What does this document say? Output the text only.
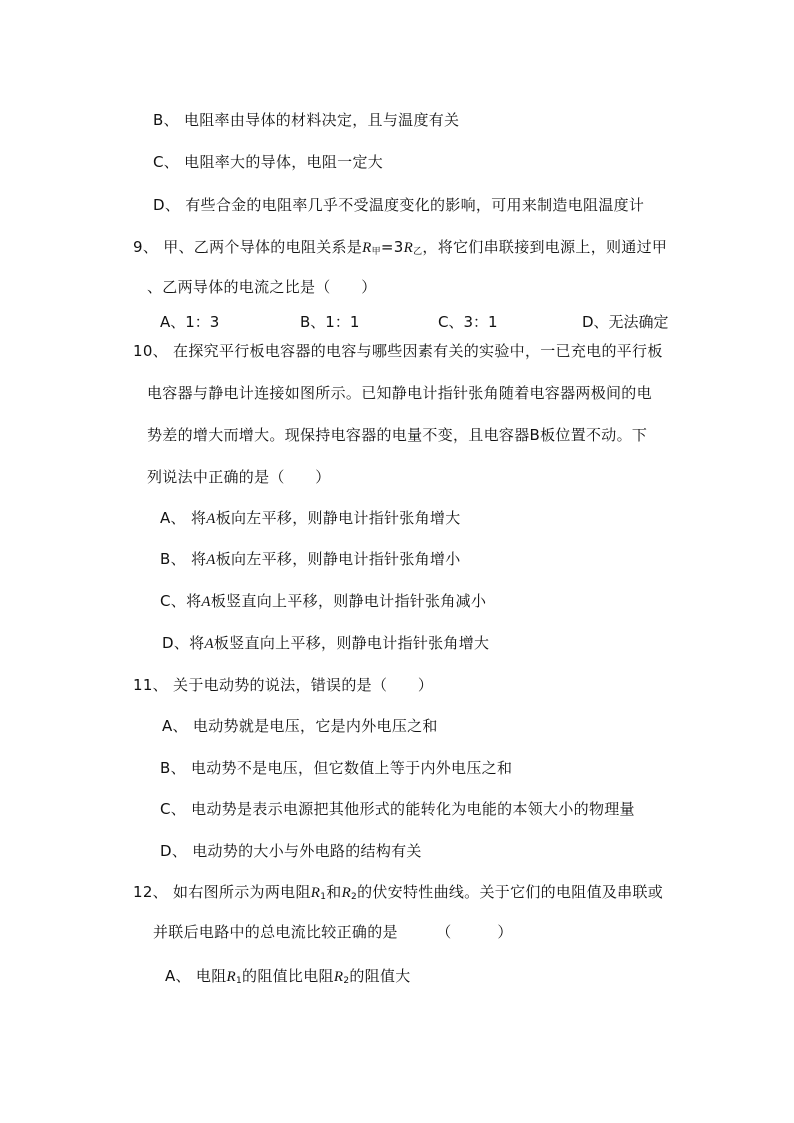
B、 电阻率由导体的材料决定，且与温度有关
C、 电阻率大的导体，电阻一定大
D、 有些合金的电阻率几乎不受温度变化的影响，可用来制造电阻温度计
9、 甲、乙两个导体的电阻关系是$R_甲=3R_乙$，将它们串联接到电源上，则通过甲
、乙两导体的电流之比是（　　）
A、1：3	B、1：1	C、3：1	D、无法确定
10、 在探究平行板电容器的电容与哪些因素有关的实验中，一已充电的平行板
电容器与静电计连接如图所示。已知静电计指针张角随着电容器两极间的电
势差的增大而增大。现保持电容器的电量不变，且电容器B板位置不动。下
列说法中正确的是（　　）
A、 将A板向左平移，则静电计指针张角增大
B、 将A板向左平移，则静电计指针张角增小
C、将A板竖直向上平移，则静电计指针张角减小
D、将A板竖直向上平移，则静电计指针张角增大
11、 关于电动势的说法，错误的是（　　）
A、 电动势就是电压，它是内外电压之和
B、 电动势不是电压，但它数值上等于内外电压之和
C、 电动势是表示电源把其他形式的能转化为电能的本领大小的物理量
D、 电动势的大小与外电路的结构有关
12、 如右图所示为两电阻$R_1$和$R_2$的伏安特性曲线。关于它们的电阻值及串联或
并联后电路中的总电流比较正确的是　　　（　　　）
A、 电阻$R_1$的阻值比电阻$R_2$的阻值大
